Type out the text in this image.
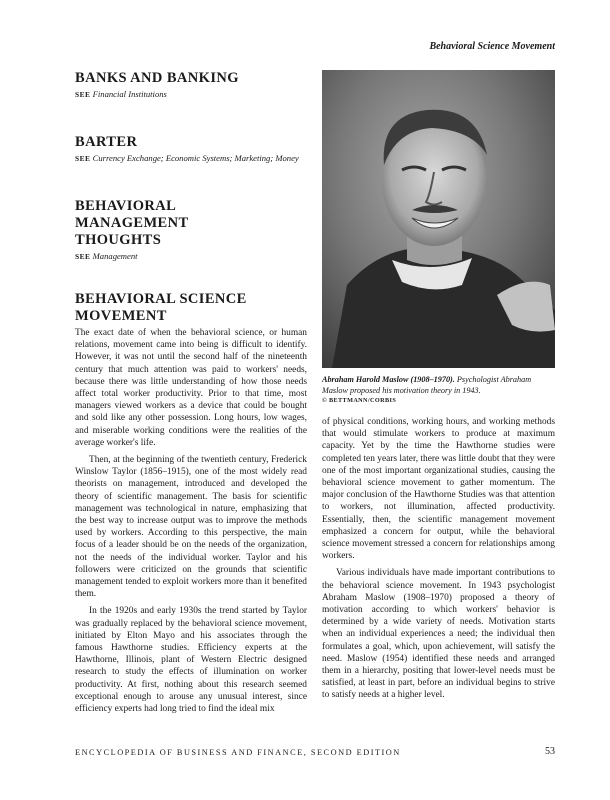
Behavioral Science Movement
BANKS AND BANKING

SEE Financial Institutions

BARTER

SEE Currency Exchange; Economic Systems; Marketing; Money

BEHAVIORAL MANAGEMENT THOUGHTS

SEE Management

BEHAVIORAL SCIENCE MOVEMENT

The exact date of when the behavioral science, or human relations, movement came into being is difficult to identify. However, it was not until the second half of the nineteenth century that much attention was paid to workers' needs, because there was little understanding of how those needs affect total worker productivity. Prior to that time, most managers viewed workers as a device that could be bought and sold like any other possession. Long hours, low wages, and miserable working conditions were the realities of the average worker's life.

Then, at the beginning of the twentieth century, Frederick Winslow Taylor (1856–1915), one of the most widely read theorists on management, introduced and developed the theory of scientific management. The basis for scientific management was technological in nature, emphasizing that the best way to increase output was to improve the methods used by workers. According to this perspective, the main focus of a leader should be on the needs of the organization, not the needs of the individual worker. Taylor and his followers were criticized on the grounds that scientific management tended to exploit workers more than it benefited them.

In the 1920s and early 1930s the trend started by Taylor was gradually replaced by the behavioral science movement, initiated by Elton Mayo and his associates through the famous Hawthorne studies. Efficiency experts at the Hawthorne, Illinois, plant of Western Electric designed research to study the effects of illumination on worker productivity. At first, nothing about this research seemed exceptional enough to arouse any unusual interest, since efficiency experts had long tried to find the ideal mix

Abraham Harold Maslow (1908–1970). Psychologist Abraham Maslow proposed his motivation theory in 1943.

© BETTMANN/CORBIS

of physical conditions, working hours, and working methods that would stimulate workers to produce at maximum capacity. Yet by the time the Hawthorne studies were completed ten years later, there was little doubt that they were one of the most important organizational studies, causing the behavioral science movement to gather momentum. The major conclusion of the Hawthorne Studies was that attention to workers, not illumination, affected productivity. Essentially, then, the scientific management movement emphasized a concern for output, while the behavioral science movement stressed a concern for relationships among workers.

Various individuals have made important contributions to the behavioral science movement. In 1943 psychologist Abraham Maslow (1908–1970) proposed a theory of motivation according to which workers' behavior is determined by a wide variety of needs. Motivation starts when an individual experiences a need; the individual then formulates a goal, which, upon achievement, will satisfy the need. Maslow (1954) identified these needs and arranged them in a hierarchy, positing that lower-level needs must be satisfied, at least in part, before an individual begins to strive to satisfy needs at a higher level.

ENCYCLOPEDIA OF BUSINESS AND FINANCE, SECOND EDITION	53
